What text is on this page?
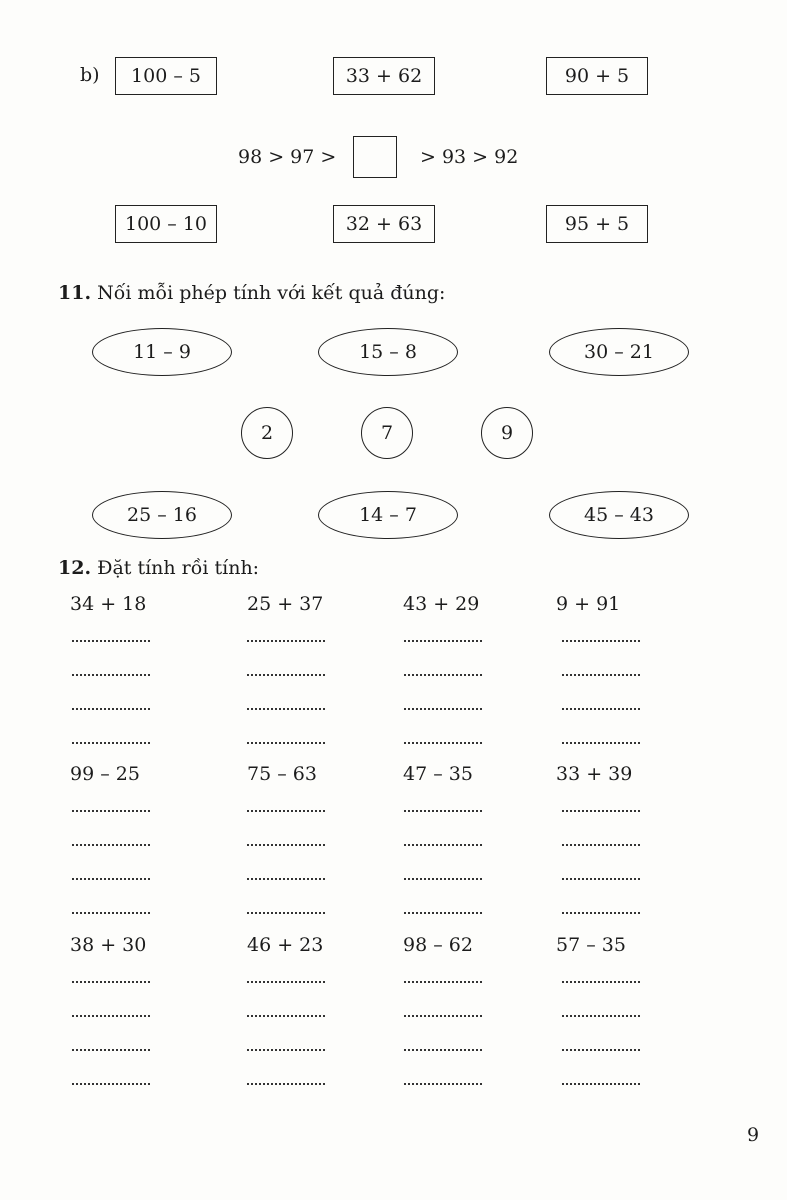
b)	100 – 5	33 + 62	90 + 5
98 > 97 >	> 93 > 92
100 – 10	32 + 63	95 + 5
11. Nối mỗi phép tính với kết quả đúng:
11 – 9	15 – 8	30 – 21
2	7	9
25 – 16	14 – 7	45 – 43
12. Đặt tính rồi tính:
34 + 18	25 + 37	43 + 29	9 + 91
99 – 25	75 – 63	47 – 35	33 + 39
38 + 30	46 + 23	98 – 62	57 – 35
9
